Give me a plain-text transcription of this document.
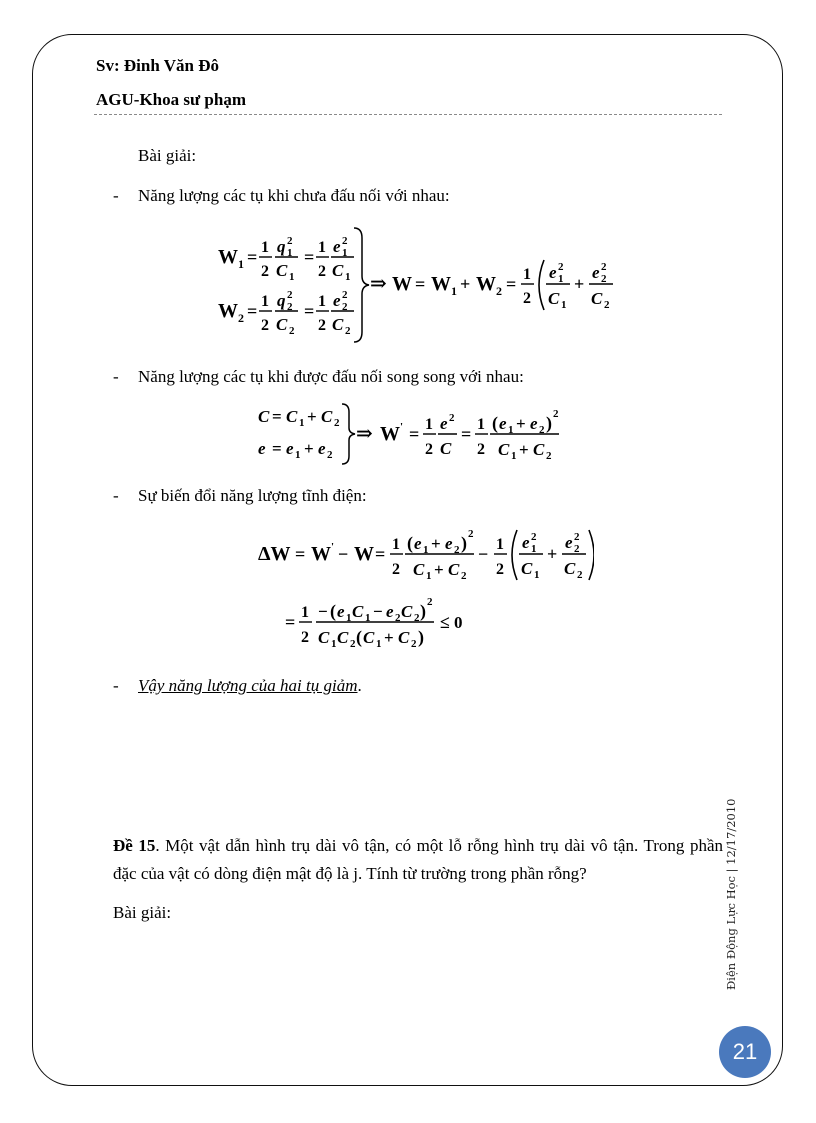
Sv: Đinh Văn Đô
AGU-Khoa sư phạm
Bài giải:
- Năng lượng các tụ khi chưa đấu nối với nhau:
W 1 = 1
2
q 1
2
C 1
= 1
2
e 1
2
C 1
W 2 = 1
2
q 2
2
C 2
= 1
2
e 2
2
C 2
⇒ W = W 1 + W 2 = 1
2
e 1
2
C 1
+
e 2
2
C 2
- Năng lượng các tụ khi được đấu nối song song với nhau:
C = C 1 + C 2
e = e 1 + e 2
⇒ W ' = 1
2
e 2
C
= 1
2
( e 1 + e 2 ) 2
C 1 + C 2
- Sự biến đổi năng lượng tĩnh điện:
ΔW = W ' − W = 1
2
( e 1 + e 2 ) 2
C 1 + C 2
− 1
2
e 1
2
C 1
+
e 2
2
C 2
= 1
2
− ( e 1 C 1 − e 2 C 2 ) 2
C 1 C 2 ( C 1 + C 2 )
≤ 0
- Vậy năng lượng của hai tụ giảm.
Đề 15. Một vật dẫn hình trụ dài vô tận, có một lỗ rỗng hình trụ dài vô tận. Trong phần đặc của vật có dòng điện mật độ là j. Tính từ trường trong phần rỗng?
Bài giải:	Điện Động Lực Học | 12/17/2010
21
